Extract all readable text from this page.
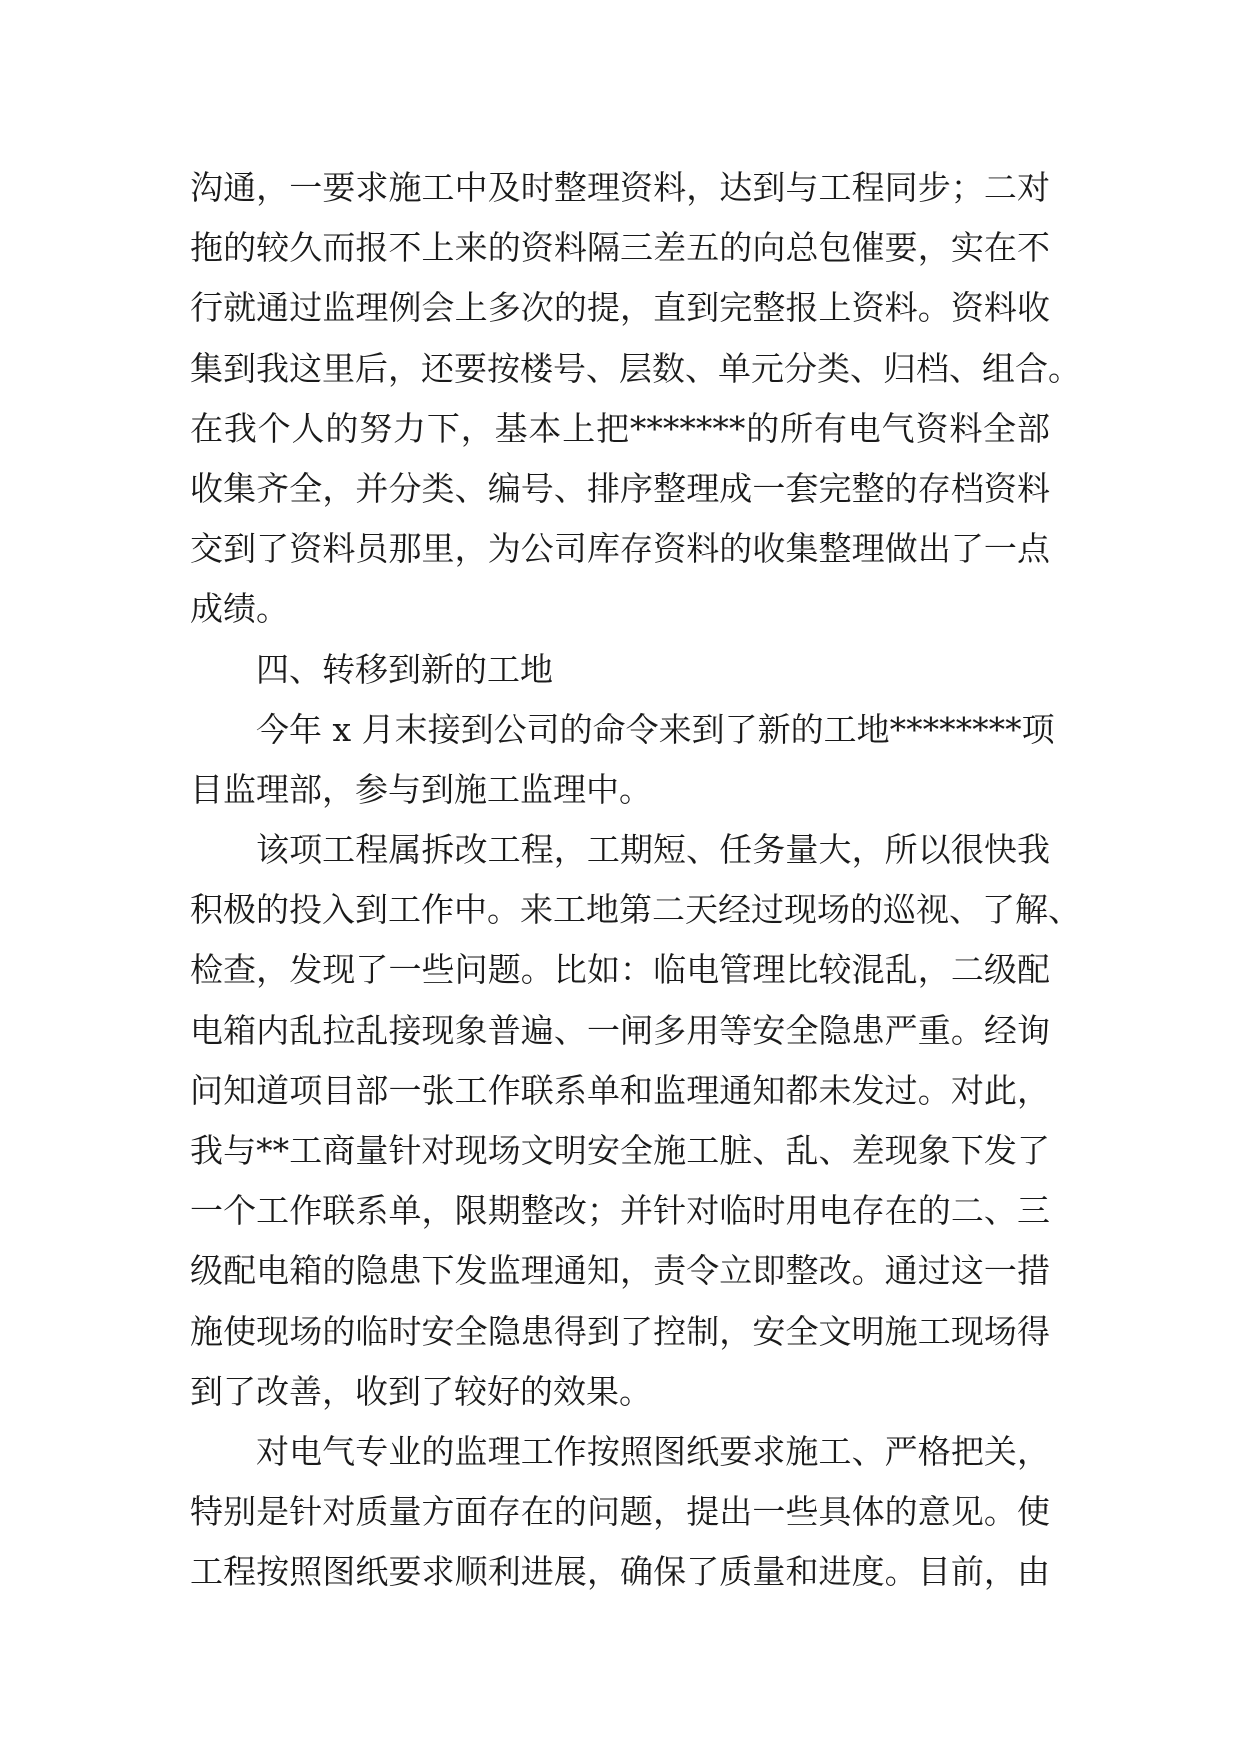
沟通，一要求施工中及时整理资料，达到与工程同步；二对
拖的较久而报不上来的资料隔三差五的向总包催要，实在不
行就通过监理例会上多次的提，直到完整报上资料。资料收
集到我这里后，还要按楼号、层数、单元分类、归档、组合。
在我个人的努力下，基本上把*******的所有电气资料全部
收集齐全，并分类、编号、排序整理成一套完整的存档资料
交到了资料员那里，为公司库存资料的收集整理做出了一点
成绩。
四、转移到新的工地
今年 x 月末接到公司的命令来到了新的工地********项
目监理部，参与到施工监理中。
该项工程属拆改工程，工期短、任务量大，所以很快我
积极的投入到工作中。来工地第二天经过现场的巡视、了解、
检查，发现了一些问题。比如：临电管理比较混乱，二级配
电箱内乱拉乱接现象普遍、一闸多用等安全隐患严重。经询
问知道项目部一张工作联系单和监理通知都未发过。对此，
我与**工商量针对现场文明安全施工脏、乱、差现象下发了
一个工作联系单，限期整改；并针对临时用电存在的二、三
级配电箱的隐患下发监理通知，责令立即整改。通过这一措
施使现场的临时安全隐患得到了控制，安全文明施工现场得
到了改善，收到了较好的效果。
对电气专业的监理工作按照图纸要求施工、严格把关，
特别是针对质量方面存在的问题，提出一些具体的意见。使
工程按照图纸要求顺利进展，确保了质量和进度。目前，由
